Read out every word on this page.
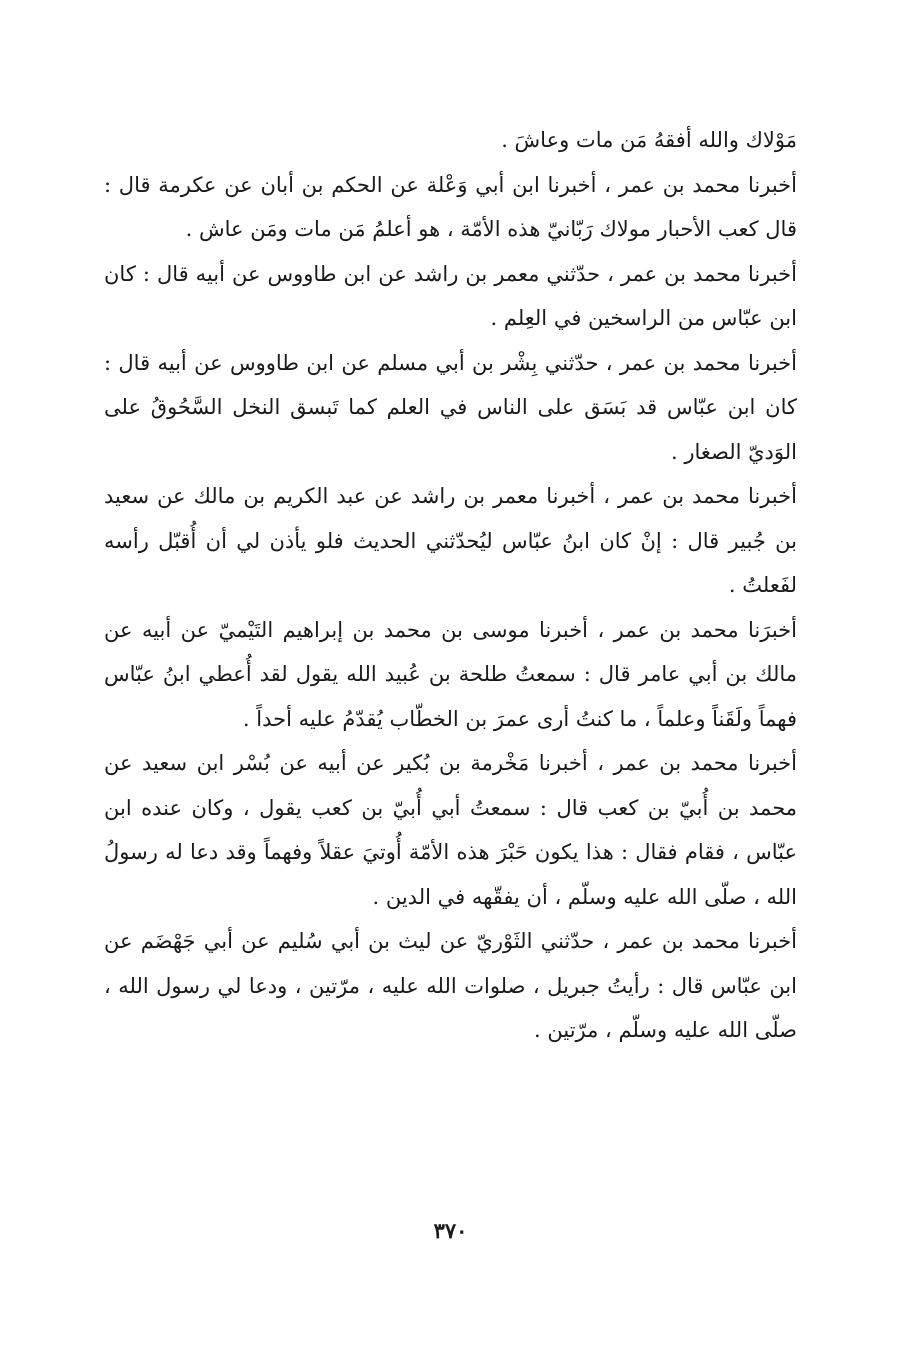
مَوْلاك والله أفقهُ مَن مات وعاشَ .

أخبرنا محمد بن عمر ، أخبرنا ابن أبي وَعْلة عن الحكم بن أبان عن عكرمة قال : قال كعب الأحبار مولاك رَبّانيّ هذه الأمّة ، هو أعلمُ مَن مات ومَن عاش .

أخبرنا محمد بن عمر ، حدّثني معمر بن راشد عن ابن طاووس عن أبيه قال : كان ابن عبّاس من الراسخين في العِلم .

أخبرنا محمد بن عمر ، حدّثني بِشْر بن أبي مسلم عن ابن طاووس عن أبيه قال : كان ابن عبّاس قد بَسَق على الناس في العلم كما تَبسق النخل السَّحُوقُ على الوَديّ الصغار .

أخبرنا محمد بن عمر ، أخبرنا معمر بن راشد عن عبد الكريم بن مالك عن سعيد بن جُبير قال : إنْ كان ابنُ عبّاس ليُحدّثني الحديث فلو يأذن لي أن أُقبّل رأسه لفَعلتُ .

أخبرَنا محمد بن عمر ، أخبرنا موسى بن محمد بن إبراهيم التَيْميّ عن أبيه عن مالك بن أبي عامر قال : سمعتُ طلحة بن عُبيد الله يقول لقد أُعطي ابنُ عبّاس فهماً ولَقَناً وعلماً ، ما كنتُ أرى عمرَ بن الخطّاب يُقدّمُ عليه أحداً .

أخبرنا محمد بن عمر ، أخبرنا مَخْرمة بن بُكير عن أبيه عن بُسْر ابن سعيد عن محمد بن أُبيّ بن كعب قال : سمعتُ أبي أُبيّ بن كعب يقول ، وكان عنده ابن عبّاس ، فقام فقال : هذا يكون حَبْرَ هذه الأمّة أُوتيَ عقلاً وفهماً وقد دعا له رسولُ الله ، صلّى الله عليه وسلّم ، أن يفقّهه في الدين .

أخبرنا محمد بن عمر ، حدّثني الثَوْريّ عن ليث بن أبي سُليم عن أبي جَهْضَم عن ابن عبّاس قال : رأيتُ جبريل ، صلوات الله عليه ، مرّتين ، ودعا لي رسول الله ، صلّى الله عليه وسلّم ، مرّتين .

٣٧٠
